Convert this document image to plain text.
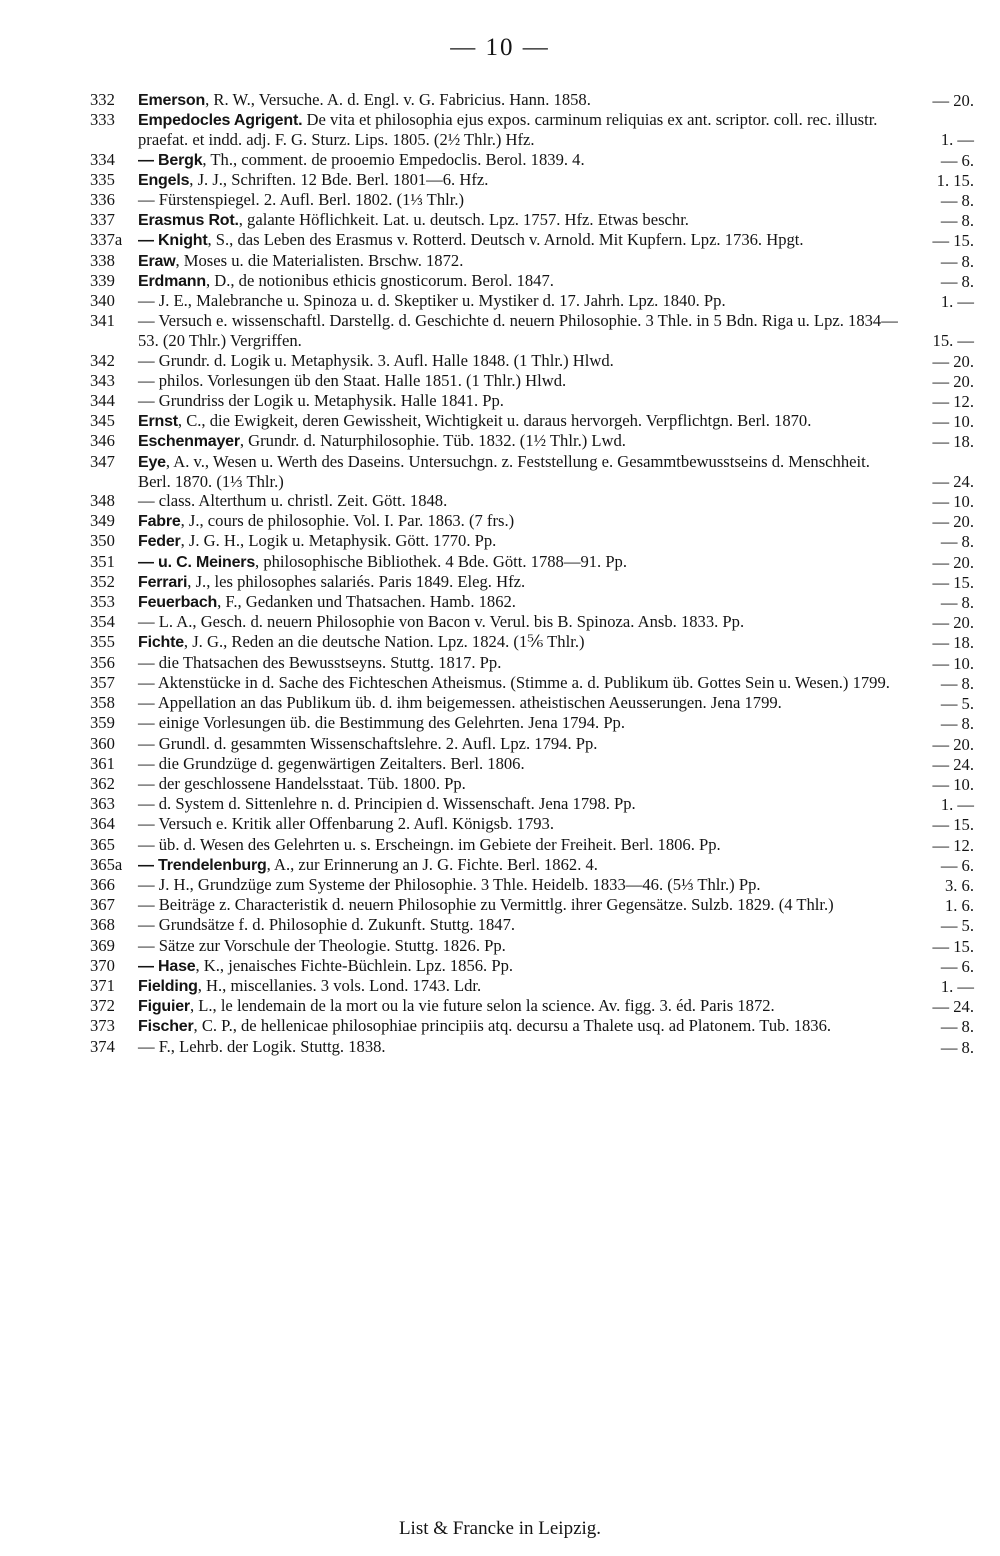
— 10 —
332	Emerson, R. W., Versuche. A. d. Engl. v. G. Fabricius. Hann. 1858.	— 20.
333	Empedocles Agrigent. De vita et philosophia ejus expos. carminum reliquias ex ant. scriptor. coll. rec. illustr. praefat. et indd. adj. F. G. Sturz. Lips. 1805. (2½ Thlr.) Hfz.	1. —
334	— Bergk, Th., comment. de prooemio Empedoclis. Berol. 1839. 4.	— 6.
335	Engels, J. J., Schriften. 12 Bde. Berl. 1801—6. Hfz.	1. 15.
336	— Fürstenspiegel. 2. Aufl. Berl. 1802. (1⅓ Thlr.)	— 8.
337	Erasmus Rot., galante Höflichkeit. Lat. u. deutsch. Lpz. 1757. Hfz. Etwas beschr.	— 8.
337a — Knight, S., das Leben des Erasmus v. Rotterd. Deutsch v. Arnold. Mit Kupfern. Lpz. 1736. Hpgt.	— 15.
338	Eraw, Moses u. die Materialisten. Brschw. 1872.	— 8.
339	Erdmann, D., de notionibus ethicis gnosticorum. Berol. 1847.	— 8.
340	— J. E., Malebranche u. Spinoza u. d. Skeptiker u. Mystiker d. 17. Jahrh. Lpz. 1840. Pp.	1. —
341	— Versuch e. wissenschaftl. Darstellg. d. Geschichte d. neuern Philosophie. 3 Thle. in 5 Bdn. Riga u. Lpz. 1834—53. (20 Thlr.) Vergriffen.	15. —
342	— Grundr. d. Logik u. Metaphysik. 3. Aufl. Halle 1848. (1 Thlr.) Hlwd.	— 20.
343	— philos. Vorlesungen üb den Staat. Halle 1851. (1 Thlr.) Hlwd.	— 20.
344	— Grundriss der Logik u. Metaphysik. Halle 1841. Pp.	— 12.
345	Ernst, C., die Ewigkeit, deren Gewissheit, Wichtigkeit u. daraus hervorgeh. Verpflichtgn. Berl. 1870.	— 10.
346	Eschenmayer, Grundr. d. Naturphilosophie. Tüb. 1832. (1½ Thlr.) Lwd.	— 18.
347	Eye, A. v., Wesen u. Werth des Daseins. Untersuchgn. z. Feststellung e. Gesammtbewusstseins d. Menschheit. Berl. 1870. (1⅓ Thlr.)	— 24.
348	— class. Alterthum u. christl. Zeit. Gött. 1848.	— 10.
349	Fabre, J., cours de philosophie. Vol. I. Par. 1863. (7 frs.)	— 20.
350	Feder, J. G. H., Logik u. Metaphysik. Gött. 1770. Pp.	— 8.
351	— u. C. Meiners, philosophische Bibliothek. 4 Bde. Gött. 1788—91. Pp.	— 20.
352	Ferrari, J., les philosophes salariés. Paris 1849. Eleg. Hfz.	— 15.
353	Feuerbach, F., Gedanken und Thatsachen. Hamb. 1862.	— 8.
354	— L. A., Gesch. d. neuern Philosophie von Bacon v. Verul. bis B. Spinoza. Ansb. 1833. Pp.	— 20.
355	Fichte, J. G., Reden an die deutsche Nation. Lpz. 1824. (1⅚ Thlr.)	— 18.
356	— die Thatsachen des Bewusstseyns. Stuttg. 1817. Pp.	— 10.
357	— Aktenstücke in d. Sache des Fichteschen Atheismus. (Stimme a. d. Publikum üb. Gottes Sein u. Wesen.) 1799.	— 8.
358	— Appellation an das Publikum üb. d. ihm beigemessen. atheistischen Aeusserungen. Jena 1799.	— 5.
359	— einige Vorlesungen üb. die Bestimmung des Gelehrten. Jena 1794. Pp.	— 8.
360	— Grundl. d. gesammten Wissenschaftslehre. 2. Aufl. Lpz. 1794. Pp.	— 20.
361	— die Grundzüge d. gegenwärtigen Zeitalters. Berl. 1806.	— 24.
362	— der geschlossene Handelsstaat. Tüb. 1800. Pp.	— 10.
363	— d. System d. Sittenlehre n. d. Principien d. Wissenschaft. Jena 1798. Pp.	1. —
364	— Versuch e. Kritik aller Offenbarung 2. Aufl. Königsb. 1793.	— 15.
365	— üb. d. Wesen des Gelehrten u. s. Erscheingn. im Gebiete der Freiheit. Berl. 1806. Pp.	— 12.
365a — Trendelenburg, A., zur Erinnerung an J. G. Fichte. Berl. 1862. 4.	— 6.
366	— J. H., Grundzüge zum Systeme der Philosophie. 3 Thle. Heidelb. 1833—46. (5⅓ Thlr.) Pp.	3. 6.
367	— Beiträge z. Characteristik d. neuern Philosophie zu Vermittlg. ihrer Gegensätze. Sulzb. 1829. (4 Thlr.)	1. 6.
368	— Grundsätze f. d. Philosophie d. Zukunft. Stuttg. 1847.	— 5.
369	— Sätze zur Vorschule der Theologie. Stuttg. 1826. Pp.	— 15.
370	— Hase, K., jenaisches Fichte-Büchlein. Lpz. 1856. Pp.	— 6.
371	Fielding, H., miscellanies. 3 vols. Lond. 1743. Ldr.	1. —
372	Figuier, L., le lendemain de la mort ou la vie future selon la science. Av. figg. 3. éd. Paris 1872.	— 24.
373	Fischer, C. P., de hellenicae philosophiae principiis atq. decursu a Thalete usq. ad Platonem. Tub. 1836.	— 8.
374	— F., Lehrb. der Logik. Stuttg. 1838.	— 8.
List & Francke in Leipzig.
